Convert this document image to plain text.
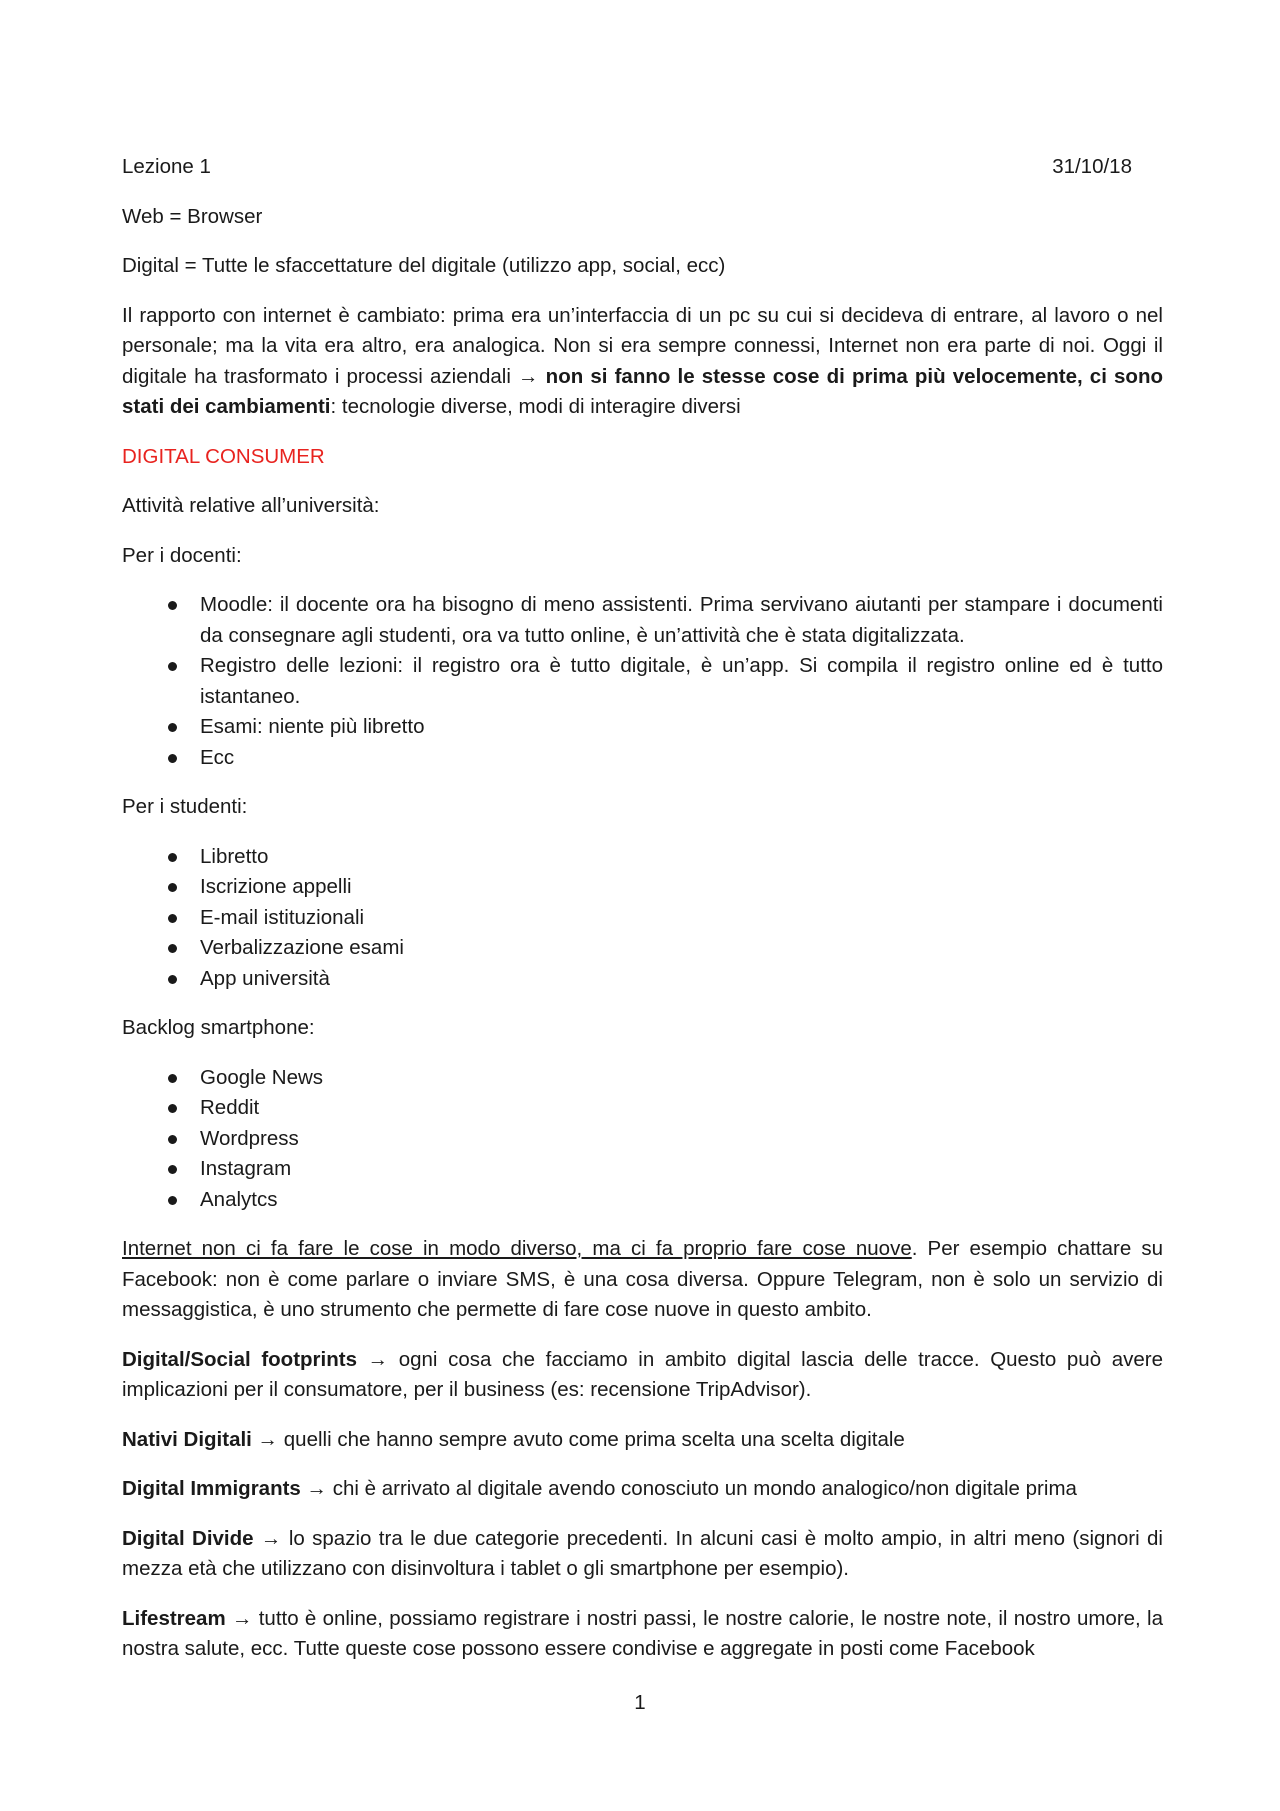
Lezione 1	31/10/18

Web = Browser

Digital = Tutte le sfaccettature del digitale (utilizzo app, social, ecc)

Il rapporto con internet è cambiato: prima era un’interfaccia di un pc su cui si decideva di entrare, al lavoro o nel personale; ma la vita era altro, era analogica. Non si era sempre connessi, Internet non era parte di noi. Oggi il digitale ha trasformato i processi aziendali → non si fanno le stesse cose di prima più velocemente, ci sono stati dei cambiamenti: tecnologie diverse, modi di interagire diversi

DIGITAL CONSUMER

Attività relative all’università:

Per i docenti:

Moodle: il docente ora ha bisogno di meno assistenti. Prima servivano aiutanti per stampare i documenti da consegnare agli studenti, ora va tutto online, è un’attività che è stata digitalizzata.
Registro delle lezioni: il registro ora è tutto digitale, è un’app. Si compila il registro online ed è tutto istantaneo.
Esami: niente più libretto
Ecc

Per i studenti:

Libretto
Iscrizione appelli
E-mail istituzionali
Verbalizzazione esami
App università

Backlog smartphone:

Google News
Reddit
Wordpress
Instagram
Analytcs

Internet non ci fa fare le cose in modo diverso, ma ci fa proprio fare cose nuove. Per esempio chattare su Facebook: non è come parlare o inviare SMS, è una cosa diversa. Oppure Telegram, non è solo un servizio di messaggistica, è uno strumento che permette di fare cose nuove in questo ambito.

Digital/Social footprints → ogni cosa che facciamo in ambito digital lascia delle tracce. Questo può avere implicazioni per il consumatore, per il business (es: recensione TripAdvisor).

Nativi Digitali → quelli che hanno sempre avuto come prima scelta una scelta digitale

Digital Immigrants → chi è arrivato al digitale avendo conosciuto un mondo analogico/non digitale prima

Digital Divide → lo spazio tra le due categorie precedenti. In alcuni casi è molto ampio, in altri meno (signori di mezza età che utilizzano con disinvoltura i tablet o gli smartphone per esempio).

Lifestream → tutto è online, possiamo registrare i nostri passi, le nostre calorie, le nostre note, il nostro umore, la nostra salute, ecc. Tutte queste cose possono essere condivise e aggregate in posti come Facebook

1
